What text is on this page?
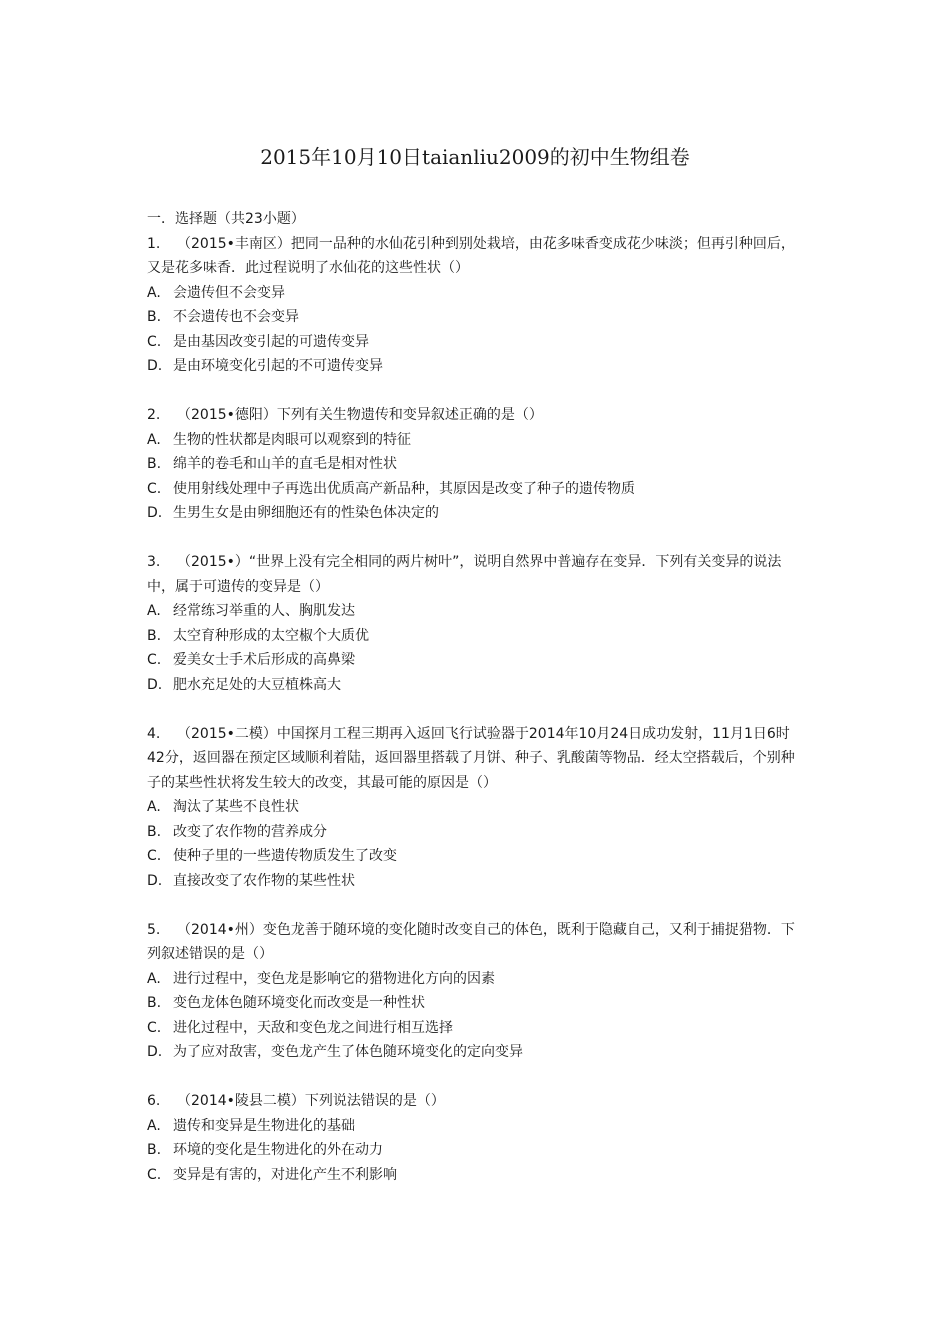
2015年10月10日taianliu2009的初中生物组卷

一．选择题（共23小题）

1. （2015•丰南区）把同一品种的水仙花引种到别处栽培，由花多味香变成花少味淡；但再引种回后，又是花多味香．此过程说明了水仙花的这些性状（）

A. 会遗传但不会变异

B. 不会遗传也不会变异

C. 是由基因改变引起的可遗传变异

D. 是由环境变化引起的不可遗传变异

2. （2015•德阳）下列有关生物遗传和变异叙述正确的是（）

A. 生物的性状都是肉眼可以观察到的特征

B. 绵羊的卷毛和山羊的直毛是相对性状

C. 使用射线处理中子再选出优质高产新品种，其原因是改变了种子的遗传物质

D. 生男生女是由卵细胞还有的性染色体决定的

3. （2015•）“世界上没有完全相同的两片树叶”，说明自然界中普遍存在变异．下列有关变异的说法中，属于可遗传的变异是（）

A. 经常练习举重的人、胸肌发达

B. 太空育种形成的太空椒个大质优

C. 爱美女士手术后形成的高鼻梁

D. 肥水充足处的大豆植株高大

4. （2015•二模）中国探月工程三期再入返回飞行试验器于2014年10月24日成功发射，11月1日6时42分，返回器在预定区域顺利着陆，返回器里搭载了月饼、种子、乳酸菌等物品．经太空搭载后，个别种子的某些性状将发生较大的改变，其最可能的原因是（）

A. 淘汰了某些不良性状

B. 改变了农作物的营养成分

C. 使种子里的一些遗传物质发生了改变

D. 直接改变了农作物的某些性状

5. （2014•州）变色龙善于随环境的变化随时改变自己的体色，既利于隐藏自己，又利于捕捉猎物．下列叙述错误的是（）

A. 进行过程中，变色龙是影响它的猎物进化方向的因素

B. 变色龙体色随环境变化而改变是一种性状

C. 进化过程中，天敌和变色龙之间进行相互选择

D. 为了应对敌害，变色龙产生了体色随环境变化的定向变异

6. （2014•陵县二模）下列说法错误的是（）

A. 遗传和变异是生物进化的基础

B. 环境的变化是生物进化的外在动力

C. 变异是有害的，对进化产生不利影响
